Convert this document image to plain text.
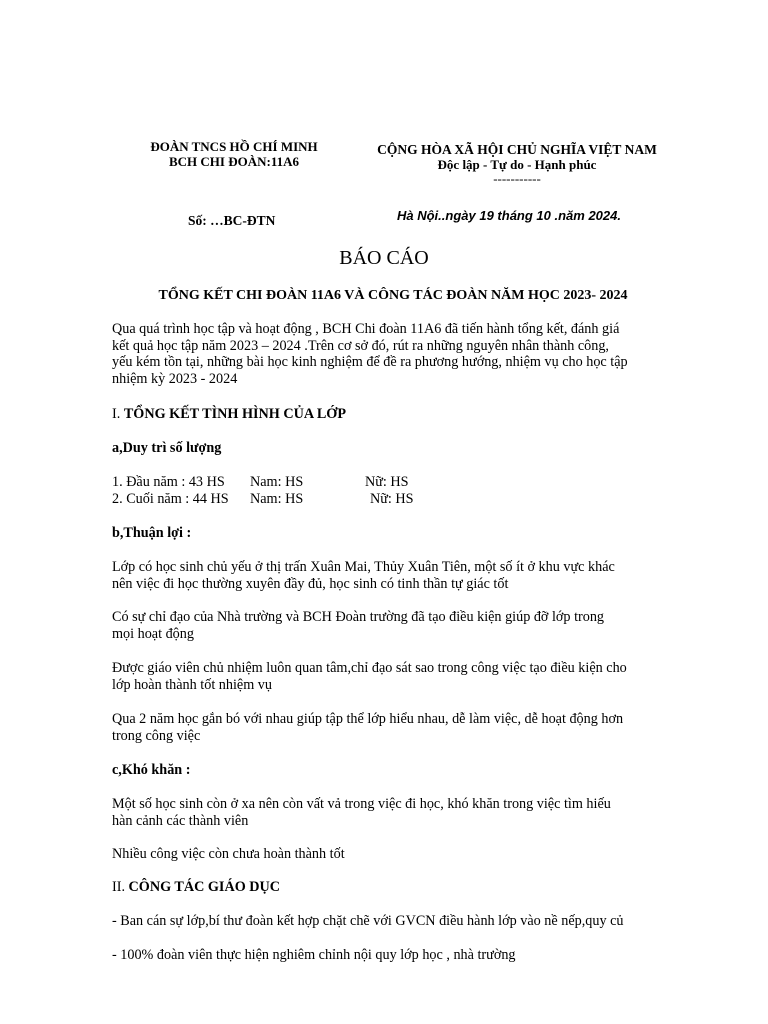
ĐOÀN TNCS HỒ CHÍ MINH
BCH CHI ĐOÀN:11A6
CỘNG HÒA XÃ HỘI CHỦ NGHĨA VIỆT NAM
Độc lập - Tự do - Hạnh phúc
-----------
Số: …BC-ĐTN	Hà Nội..ngày 19 tháng 10 .năm 2024.
BÁO CÁO
TỔNG KẾT CHI ĐOÀN 11A6 VÀ CÔNG TÁC ĐOÀN NĂM HỌC 2023- 2024
Qua quá trình học tập và hoạt động , BCH Chi đoàn 11A6 đã tiến hành tổng kết, đánh giá
kết quả học tập năm 2023 – 2024 .Trên cơ sở đó, rút ra những nguyên nhân thành công,
yếu kém tồn tại, những bài học kinh nghiệm để đề ra phương hướng, nhiệm vụ cho học tập
nhiệm kỳ 2023 - 2024
I. TỔNG KẾT TÌNH HÌNH CỦA LỚP
a,Duy trì số lượng
1. Đầu năm : 43 HS Nam: HS	Nữ: HS
2. Cuối năm : 44 HS Nam: HS	Nữ: HS
b,Thuận lợi :
Lớp có học sinh chủ yếu ở thị trấn Xuân Mai, Thủy Xuân Tiên, một số ít ở khu vực khác
nên việc đi học thường xuyên đầy đủ, học sinh có tinh thần tự giác tốt
Có sự chỉ đạo của Nhà trường và BCH Đoàn trường đã tạo điều kiện giúp đỡ lớp trong
mọi hoạt động
Được giáo viên chủ nhiệm luôn quan tâm,chỉ đạo sát sao trong công việc tạo điều kiện cho
lớp hoàn thành tốt nhiệm vụ
Qua 2 năm học gắn bó với nhau giúp tập thể lớp hiểu nhau, dễ làm việc, dễ hoạt động hơn
trong công việc
c,Khó khăn :
Một số học sinh còn ở xa nên còn vất vả trong việc đi học, khó khăn trong việc tìm hiếu
hàn cảnh các thành viên
Nhiều công việc còn chưa hoàn thành tốt
II. CÔNG TÁC GIÁO DỤC
- Ban cán sự lớp,bí thư đoàn kết hợp chặt chẽ với GVCN điều hành lớp vào nề nếp,quy củ
- 100% đoàn viên thực hiện nghiêm chỉnh nội quy lớp học , nhà trường
